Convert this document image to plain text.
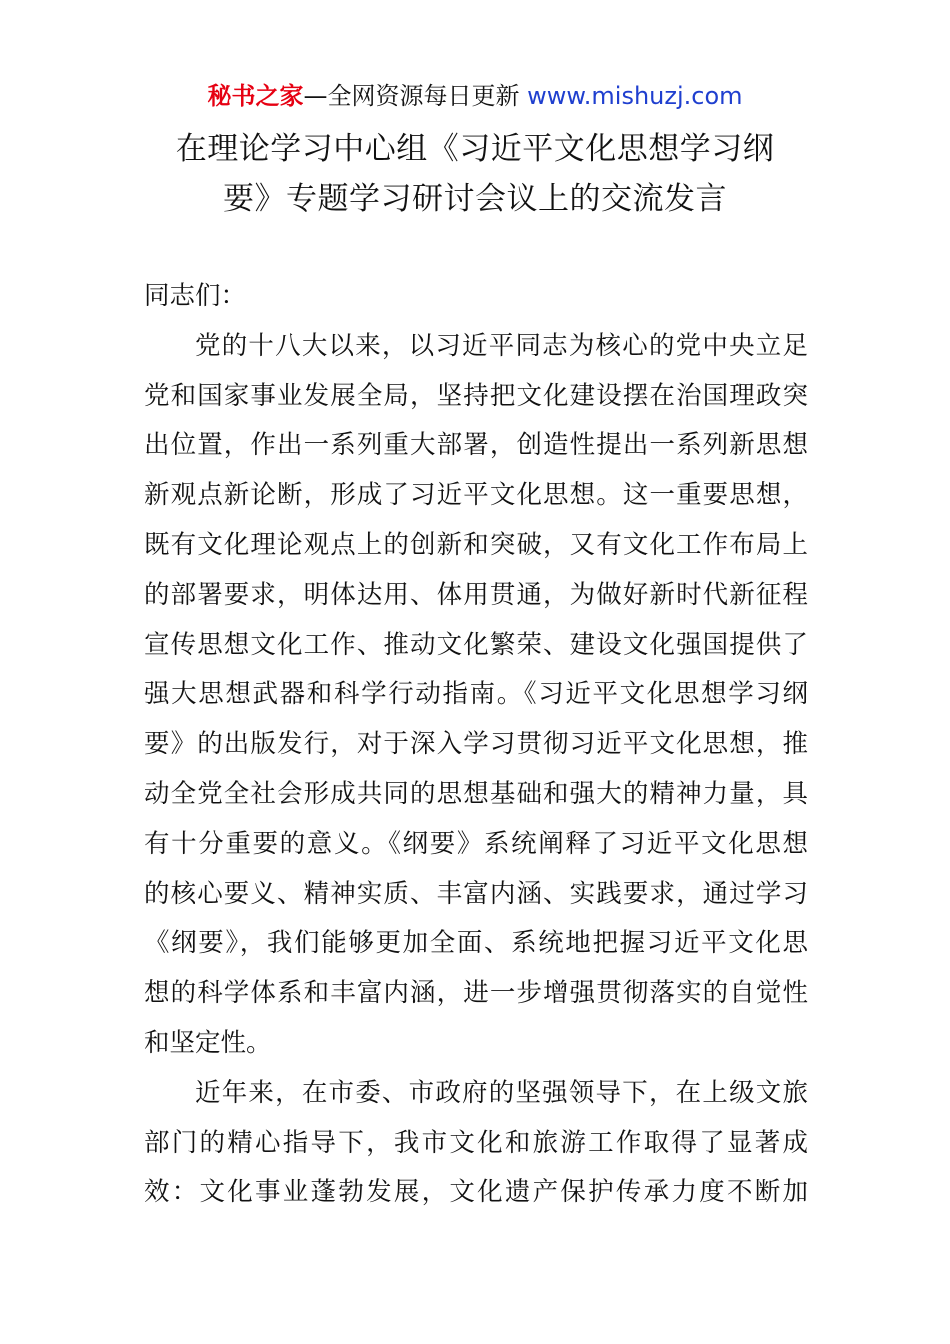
秘书之家—全网资源每日更新 www.mishuzj.com
在理论学习中心组《习近平文化思想学习纲
要》专题学习研讨会议上的交流发言

同志们：

党的十八大以来，以习近平同志为核心的党中央立足
党和国家事业发展全局，坚持把文化建设摆在治国理政突
出位置，作出一系列重大部署，创造性提出一系列新思想
新观点新论断，形成了习近平文化思想。这一重要思想，
既有文化理论观点上的创新和突破，又有文化工作布局上
的部署要求，明体达用、体用贯通，为做好新时代新征程
宣传思想文化工作、推动文化繁荣、建设文化强国提供了
强大思想武器和科学行动指南。《习近平文化思想学习纲
要》的出版发行，对于深入学习贯彻习近平文化思想，推
动全党全社会形成共同的思想基础和强大的精神力量，具
有十分重要的意义。《纲要》系统阐释了习近平文化思想
的核心要义、精神实质、丰富内涵、实践要求，通过学习
《纲要》，我们能够更加全面、系统地把握习近平文化思
想的科学体系和丰富内涵，进一步增强贯彻落实的自觉性
和坚定性。

近年来，在市委、市政府的坚强领导下，在上级文旅
部门的精心指导下，我市文化和旅游工作取得了显著成
效：文化事业蓬勃发展，文化遗产保护传承力度不断加
